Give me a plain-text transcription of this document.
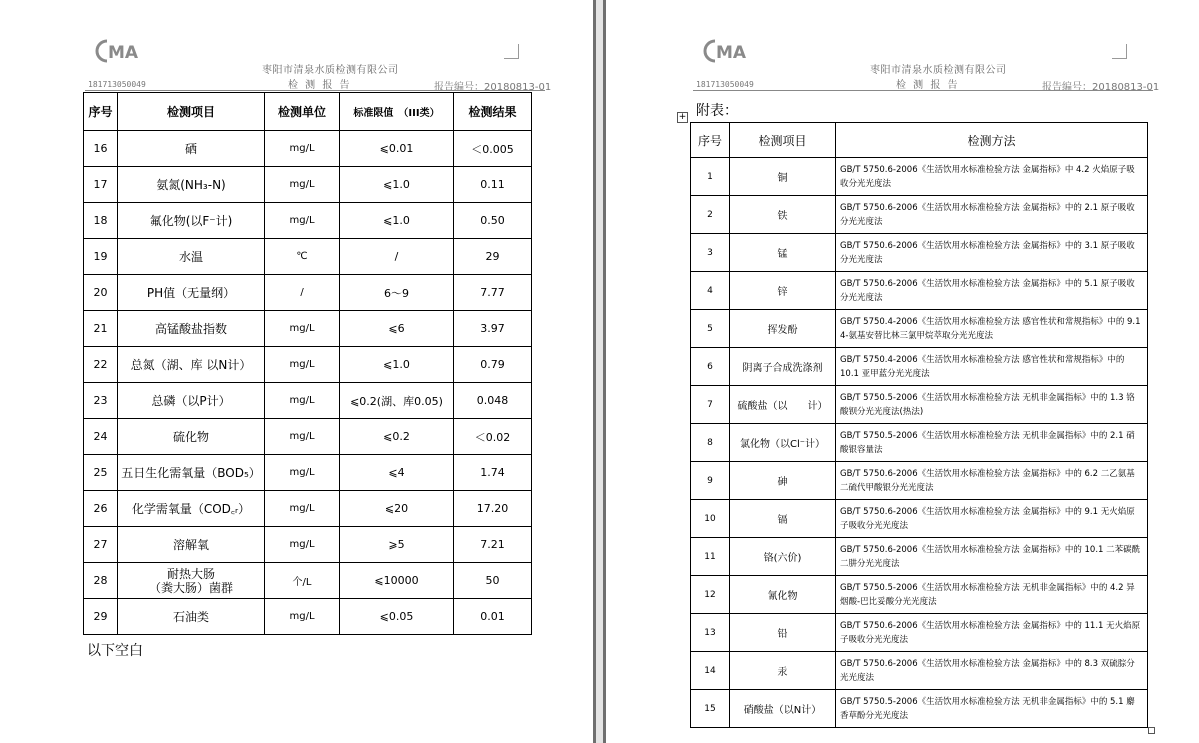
MA
枣阳市清泉水质检测有限公司
检 测 报 告
181713050049	报告编号：20180813-01
序号	检测项目	检测单位	标准限值　（III类）	检测结果
16	硒	mg/L	⩽0.01	＜0.005
17	氨氮(NH₃-N)	mg/L	⩽1.0	0.11
18	氟化物(以F⁻计)	mg/L	⩽1.0	0.50
19	水温	℃	/	29
20	PH值（无量纲）	/	6～9	7.77
21	高锰酸盐指数	mg/L	⩽6	3.97
22	总氮（湖、库 以N计）	mg/L	⩽1.0	0.79
23	总磷（以P计）	mg/L	⩽0.2(湖、库0.05)	0.048
24	硫化物	mg/L	⩽0.2	＜0.02
25	五日生化需氧量（BOD₅）	mg/L	⩽4	1.74
26	化学需氧量（COD꜀ᵣ）	mg/L	⩽20	17.20
27	溶解氧	mg/L	⩾5	7.21
28	耐热大肠
（粪大肠）菌群	个/L	⩽10000	50
29	石油类	mg/L	⩽0.05	0.01
以下空白
MA
枣阳市清泉水质检测有限公司
检 测 报 告
181713050049	报告编号：20180813-01
附表：
+
序号	检测项目	检测方法
1	铜	GB/T 5750.6-2006《生活饮用水标准检验方法 金属指标》中 4.2 火焰原子吸收分光光度法
2	铁	GB/T 5750.6-2006《生活饮用水标准检验方法 金属指标》中的 2.1 原子吸收分光光度法
3	锰	GB/T 5750.6-2006《生活饮用水标准检验方法 金属指标》中的 3.1 原子吸收分光光度法
4	锌	GB/T 5750.6-2006《生活饮用水标准检验方法 金属指标》中的 5.1 原子吸收分光光度法
5	挥发酚	GB/T 5750.4-2006《生活饮用水标准检验方法 感官性状和常规指标》中的 9.1　4-氨基安替比林三氯甲烷萃取分光光度法
6	阴离子合成洗涤剂	GB/T 5750.4-2006《生活饮用水标准检验方法 感官性状和常规指标》中的 10.1 亚甲蓝分光光度法
7	硫酸盐（以　　计）	GB/T 5750.5-2006《生活饮用水标准检验方法 无机非金属指标》中的 1.3 铬酸钡分光光度法(热法)
8	氯化物（以Cl⁻计）	GB/T 5750.5-2006《生活饮用水标准检验方法 无机非金属指标》中的 2.1 硝酸银容量法
9	砷	GB/T 5750.6-2006《生活饮用水标准检验方法 金属指标》中的 6.2 二乙氨基二硫代甲酸银分光光度法
10	镉	GB/T 5750.6-2006《生活饮用水标准检验方法 金属指标》中的 9.1 无火焰原子吸收分光光度法
11	铬(六价)	GB/T 5750.6-2006《生活饮用水标准检验方法 金属指标》中的 10.1 二苯碳酰二肼分光光度法
12	氰化物	GB/T 5750.5-2006《生活饮用水标准检验方法 无机非金属指标》中的 4.2 异烟酸-巴比妥酸分光光度法
13	铅	GB/T 5750.6-2006《生活饮用水标准检验方法 金属指标》中的 11.1 无火焰原子吸收分光光度法
14	汞	GB/T 5750.6-2006《生活饮用水标准检验方法 金属指标》中的 8.3 双硫腙分光光度法
15	硝酸盐（以N计）	GB/T 5750.5-2006《生活饮用水标准检验方法 无机非金属指标》中的 5.1 麝香草酚分光光度法
